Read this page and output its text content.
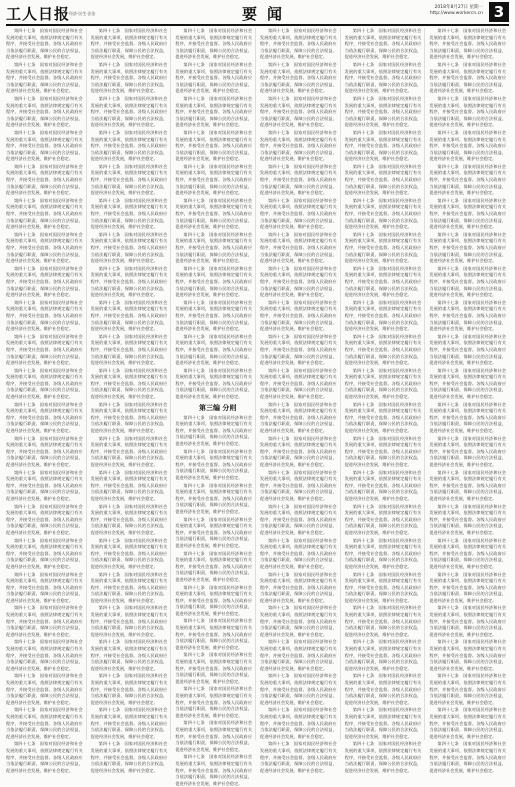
工人日报
经济·民生·法治	要闻	2018年8月27日 星期一
http://www.workercn.cn 3

第四十七条　国家对国民经济和社会发展的重大事项，依照法律规定履行有关程序，并接受社会监督。各级人民政府应当依法履行职责，保障公民的合法权益，促进经济社会发展，维护社会稳定。

第四十七条　国家对国民经济和社会发展的重大事项，依照法律规定履行有关程序，并接受社会监督。各级人民政府应当依法履行职责，保障公民的合法权益，促进经济社会发展，维护社会稳定。

第四十七条　国家对国民经济和社会发展的重大事项，依照法律规定履行有关程序，并接受社会监督。各级人民政府应当依法履行职责，保障公民的合法权益，促进经济社会发展，维护社会稳定。

第四十七条　国家对国民经济和社会发展的重大事项，依照法律规定履行有关程序，并接受社会监督。各级人民政府应当依法履行职责，保障公民的合法权益，促进经济社会发展，维护社会稳定。

第四十七条　国家对国民经济和社会发展的重大事项，依照法律规定履行有关程序，并接受社会监督。各级人民政府应当依法履行职责，保障公民的合法权益，促进经济社会发展，维护社会稳定。

第四十七条　国家对国民经济和社会发展的重大事项，依照法律规定履行有关程序，并接受社会监督。各级人民政府应当依法履行职责，保障公民的合法权益，促进经济社会发展，维护社会稳定。

第四十七条　国家对国民经济和社会发展的重大事项，依照法律规定履行有关程序，并接受社会监督。各级人民政府应当依法履行职责，保障公民的合法权益，促进经济社会发展，维护社会稳定。

第四十七条　国家对国民经济和社会发展的重大事项，依照法律规定履行有关程序，并接受社会监督。各级人民政府应当依法履行职责，保障公民的合法权益，促进经济社会发展，维护社会稳定。

第四十七条　国家对国民经济和社会发展的重大事项，依照法律规定履行有关程序，并接受社会监督。各级人民政府应当依法履行职责，保障公民的合法权益，促进经济社会发展，维护社会稳定。

第四十七条　国家对国民经济和社会发展的重大事项，依照法律规定履行有关程序，并接受社会监督。各级人民政府应当依法履行职责，保障公民的合法权益，促进经济社会发展，维护社会稳定。

第四十七条　国家对国民经济和社会发展的重大事项，依照法律规定履行有关程序，并接受社会监督。各级人民政府应当依法履行职责，保障公民的合法权益，促进经济社会发展，维护社会稳定。

第四十七条　国家对国民经济和社会发展的重大事项，依照法律规定履行有关程序，并接受社会监督。各级人民政府应当依法履行职责，保障公民的合法权益，促进经济社会发展，维护社会稳定。

第四十七条　国家对国民经济和社会发展的重大事项，依照法律规定履行有关程序，并接受社会监督。各级人民政府应当依法履行职责，保障公民的合法权益，促进经济社会发展，维护社会稳定。

第四十七条　国家对国民经济和社会发展的重大事项，依照法律规定履行有关程序，并接受社会监督。各级人民政府应当依法履行职责，保障公民的合法权益，促进经济社会发展，维护社会稳定。

第四十七条　国家对国民经济和社会发展的重大事项，依照法律规定履行有关程序，并接受社会监督。各级人民政府应当依法履行职责，保障公民的合法权益，促进经济社会发展，维护社会稳定。

第四十七条　国家对国民经济和社会发展的重大事项，依照法律规定履行有关程序，并接受社会监督。各级人民政府应当依法履行职责，保障公民的合法权益，促进经济社会发展，维护社会稳定。

第四十七条　国家对国民经济和社会发展的重大事项，依照法律规定履行有关程序，并接受社会监督。各级人民政府应当依法履行职责，保障公民的合法权益，促进经济社会发展，维护社会稳定。

第四十七条　国家对国民经济和社会发展的重大事项，依照法律规定履行有关程序，并接受社会监督。各级人民政府应当依法履行职责，保障公民的合法权益，促进经济社会发展，维护社会稳定。

第四十七条　国家对国民经济和社会发展的重大事项，依照法律规定履行有关程序，并接受社会监督。各级人民政府应当依法履行职责，保障公民的合法权益，促进经济社会发展，维护社会稳定。

第四十七条　国家对国民经济和社会发展的重大事项，依照法律规定履行有关程序，并接受社会监督。各级人民政府应当依法履行职责，保障公民的合法权益，促进经济社会发展，维护社会稳定。

第四十七条　国家对国民经济和社会发展的重大事项，依照法律规定履行有关程序，并接受社会监督。各级人民政府应当依法履行职责，保障公民的合法权益，促进经济社会发展，维护社会稳定。

第四十七条　国家对国民经济和社会发展的重大事项，依照法律规定履行有关程序，并接受社会监督。各级人民政府应当依法履行职责，保障公民的合法权益，促进经济社会发展，维护社会稳定。

第四十七条　国家对国民经济和社会发展的重大事项，依照法律规定履行有关程序，并接受社会监督。各级人民政府应当依法履行职责，保障公民的合法权益，促进经济社会发展，维护社会稳定。

第四十七条　国家对国民经济和社会发展的重大事项，依照法律规定履行有关程序，并接受社会监督。各级人民政府应当依法履行职责，保障公民的合法权益，促进经济社会发展，维护社会稳定。

第四十七条　国家对国民经济和社会发展的重大事项，依照法律规定履行有关程序，并接受社会监督。各级人民政府应当依法履行职责，保障公民的合法权益，促进经济社会发展，维护社会稳定。

第四十七条　国家对国民经济和社会发展的重大事项，依照法律规定履行有关程序，并接受社会监督。各级人民政府应当依法履行职责，保障公民的合法权益，促进经济社会发展，维护社会稳定。

第四十七条　国家对国民经济和社会发展的重大事项，依照法律规定履行有关程序，并接受社会监督。各级人民政府应当依法履行职责，保障公民的合法权益，促进经济社会发展，维护社会稳定。

第四十七条　国家对国民经济和社会发展的重大事项，依照法律规定履行有关程序，并接受社会监督。各级人民政府应当依法履行职责，保障公民的合法权益，促进经济社会发展，维护社会稳定。

第四十七条　国家对国民经济和社会发展的重大事项，依照法律规定履行有关程序，并接受社会监督。各级人民政府应当依法履行职责，保障公民的合法权益，促进经济社会发展，维护社会稳定。

第四十七条　国家对国民经济和社会发展的重大事项，依照法律规定履行有关程序，并接受社会监督。各级人民政府应当依法履行职责，保障公民的合法权益，促进经济社会发展，维护社会稳定。

第四十七条　国家对国民经济和社会发展的重大事项，依照法律规定履行有关程序，并接受社会监督。各级人民政府应当依法履行职责，保障公民的合法权益，促进经济社会发展，维护社会稳定。

第四十七条　国家对国民经济和社会发展的重大事项，依照法律规定履行有关程序，并接受社会监督。各级人民政府应当依法履行职责，保障公民的合法权益，促进经济社会发展，维护社会稳定。

第四十七条　国家对国民经济和社会发展的重大事项，依照法律规定履行有关程序，并接受社会监督。各级人民政府应当依法履行职责，保障公民的合法权益，促进经济社会发展，维护社会稳定。

第四十七条　国家对国民经济和社会发展的重大事项，依照法律规定履行有关程序，并接受社会监督。各级人民政府应当依法履行职责，保障公民的合法权益，促进经济社会发展，维护社会稳定。

第四十七条　国家对国民经济和社会发展的重大事项，依照法律规定履行有关程序，并接受社会监督。各级人民政府应当依法履行职责，保障公民的合法权益，促进经济社会发展，维护社会稳定。

第四十七条　国家对国民经济和社会发展的重大事项，依照法律规定履行有关程序，并接受社会监督。各级人民政府应当依法履行职责，保障公民的合法权益，促进经济社会发展，维护社会稳定。

第四十七条　国家对国民经济和社会发展的重大事项，依照法律规定履行有关程序，并接受社会监督。各级人民政府应当依法履行职责，保障公民的合法权益，促进经济社会发展，维护社会稳定。

第四十七条　国家对国民经济和社会发展的重大事项，依照法律规定履行有关程序，并接受社会监督。各级人民政府应当依法履行职责，保障公民的合法权益，促进经济社会发展，维护社会稳定。

第四十七条　国家对国民经济和社会发展的重大事项，依照法律规定履行有关程序，并接受社会监督。各级人民政府应当依法履行职责，保障公民的合法权益，促进经济社会发展，维护社会稳定。

第四十七条　国家对国民经济和社会发展的重大事项，依照法律规定履行有关程序，并接受社会监督。各级人民政府应当依法履行职责，保障公民的合法权益，促进经济社会发展，维护社会稳定。

第四十七条　国家对国民经济和社会发展的重大事项，依照法律规定履行有关程序，并接受社会监督。各级人民政府应当依法履行职责，保障公民的合法权益，促进经济社会发展，维护社会稳定。

第四十七条　国家对国民经济和社会发展的重大事项，依照法律规定履行有关程序，并接受社会监督。各级人民政府应当依法履行职责，保障公民的合法权益，促进经济社会发展，维护社会稳定。

第四十七条　国家对国民经济和社会发展的重大事项，依照法律规定履行有关程序，并接受社会监督。各级人民政府应当依法履行职责，保障公民的合法权益，促进经济社会发展，维护社会稳定。

第四十七条　国家对国民经济和社会发展的重大事项，依照法律规定履行有关程序，并接受社会监督。各级人民政府应当依法履行职责，保障公民的合法权益，促进经济社会发展，维护社会稳定。

第四十七条　国家对国民经济和社会发展的重大事项，依照法律规定履行有关程序，并接受社会监督。各级人民政府应当依法履行职责，保障公民的合法权益，促进经济社会发展，维护社会稳定。

第四十七条　国家对国民经济和社会发展的重大事项，依照法律规定履行有关程序，并接受社会监督。各级人民政府应当依法履行职责，保障公民的合法权益，促进经济社会发展，维护社会稳定。

第四十七条　国家对国民经济和社会发展的重大事项，依照法律规定履行有关程序，并接受社会监督。各级人民政府应当依法履行职责，保障公民的合法权益，促进经济社会发展，维护社会稳定。

第四十七条　国家对国民经济和社会发展的重大事项，依照法律规定履行有关程序，并接受社会监督。各级人民政府应当依法履行职责，保障公民的合法权益，促进经济社会发展，维护社会稳定。

第四十七条　国家对国民经济和社会发展的重大事项，依照法律规定履行有关程序，并接受社会监督。各级人民政府应当依法履行职责，保障公民的合法权益，促进经济社会发展，维护社会稳定。

第四十七条　国家对国民经济和社会发展的重大事项，依照法律规定履行有关程序，并接受社会监督。各级人民政府应当依法履行职责，保障公民的合法权益，促进经济社会发展，维护社会稳定。

第四十七条　国家对国民经济和社会发展的重大事项，依照法律规定履行有关程序，并接受社会监督。各级人民政府应当依法履行职责，保障公民的合法权益，促进经济社会发展，维护社会稳定。

第四十七条　国家对国民经济和社会发展的重大事项，依照法律规定履行有关程序，并接受社会监督。各级人民政府应当依法履行职责，保障公民的合法权益，促进经济社会发展，维护社会稳定。

第四十七条　国家对国民经济和社会发展的重大事项，依照法律规定履行有关程序，并接受社会监督。各级人民政府应当依法履行职责，保障公民的合法权益，促进经济社会发展，维护社会稳定。

第四十七条　国家对国民经济和社会发展的重大事项，依照法律规定履行有关程序，并接受社会监督。各级人民政府应当依法履行职责，保障公民的合法权益，促进经济社会发展，维护社会稳定。

第四十七条　国家对国民经济和社会发展的重大事项，依照法律规定履行有关程序，并接受社会监督。各级人民政府应当依法履行职责，保障公民的合法权益，促进经济社会发展，维护社会稳定。

第三编 分则

第四十七条　国家对国民经济和社会发展的重大事项，依照法律规定履行有关程序，并接受社会监督。各级人民政府应当依法履行职责，保障公民的合法权益，促进经济社会发展，维护社会稳定。

第四十七条　国家对国民经济和社会发展的重大事项，依照法律规定履行有关程序，并接受社会监督。各级人民政府应当依法履行职责，保障公民的合法权益，促进经济社会发展，维护社会稳定。

第四十七条　国家对国民经济和社会发展的重大事项，依照法律规定履行有关程序，并接受社会监督。各级人民政府应当依法履行职责，保障公民的合法权益，促进经济社会发展，维护社会稳定。

第四十七条　国家对国民经济和社会发展的重大事项，依照法律规定履行有关程序，并接受社会监督。各级人民政府应当依法履行职责，保障公民的合法权益，促进经济社会发展，维护社会稳定。

第四十七条　国家对国民经济和社会发展的重大事项，依照法律规定履行有关程序，并接受社会监督。各级人民政府应当依法履行职责，保障公民的合法权益，促进经济社会发展，维护社会稳定。

第四十七条　国家对国民经济和社会发展的重大事项，依照法律规定履行有关程序，并接受社会监督。各级人民政府应当依法履行职责，保障公民的合法权益，促进经济社会发展，维护社会稳定。

第四十七条　国家对国民经济和社会发展的重大事项，依照法律规定履行有关程序，并接受社会监督。各级人民政府应当依法履行职责，保障公民的合法权益，促进经济社会发展，维护社会稳定。

第四十七条　国家对国民经济和社会发展的重大事项，依照法律规定履行有关程序，并接受社会监督。各级人民政府应当依法履行职责，保障公民的合法权益，促进经济社会发展，维护社会稳定。

第四十七条　国家对国民经济和社会发展的重大事项，依照法律规定履行有关程序，并接受社会监督。各级人民政府应当依法履行职责，保障公民的合法权益，促进经济社会发展，维护社会稳定。

第四十七条　国家对国民经济和社会发展的重大事项，依照法律规定履行有关程序，并接受社会监督。各级人民政府应当依法履行职责，保障公民的合法权益，促进经济社会发展，维护社会稳定。

第四十七条　国家对国民经济和社会发展的重大事项，依照法律规定履行有关程序，并接受社会监督。各级人民政府应当依法履行职责，保障公民的合法权益，促进经济社会发展，维护社会稳定。

第四十七条　国家对国民经济和社会发展的重大事项，依照法律规定履行有关程序，并接受社会监督。各级人民政府应当依法履行职责，保障公民的合法权益，促进经济社会发展，维护社会稳定。

第四十七条　国家对国民经济和社会发展的重大事项，依照法律规定履行有关程序，并接受社会监督。各级人民政府应当依法履行职责，保障公民的合法权益，促进经济社会发展，维护社会稳定。

第四十七条　国家对国民经济和社会发展的重大事项，依照法律规定履行有关程序，并接受社会监督。各级人民政府应当依法履行职责，保障公民的合法权益，促进经济社会发展，维护社会稳定。

第四十七条　国家对国民经济和社会发展的重大事项，依照法律规定履行有关程序，并接受社会监督。各级人民政府应当依法履行职责，保障公民的合法权益，促进经济社会发展，维护社会稳定。

第四十七条　国家对国民经济和社会发展的重大事项，依照法律规定履行有关程序，并接受社会监督。各级人民政府应当依法履行职责，保障公民的合法权益，促进经济社会发展，维护社会稳定。

第四十七条　国家对国民经济和社会发展的重大事项，依照法律规定履行有关程序，并接受社会监督。各级人民政府应当依法履行职责，保障公民的合法权益，促进经济社会发展，维护社会稳定。

第四十七条　国家对国民经济和社会发展的重大事项，依照法律规定履行有关程序，并接受社会监督。各级人民政府应当依法履行职责，保障公民的合法权益，促进经济社会发展，维护社会稳定。

第四十七条　国家对国民经济和社会发展的重大事项，依照法律规定履行有关程序，并接受社会监督。各级人民政府应当依法履行职责，保障公民的合法权益，促进经济社会发展，维护社会稳定。

第四十七条　国家对国民经济和社会发展的重大事项，依照法律规定履行有关程序，并接受社会监督。各级人民政府应当依法履行职责，保障公民的合法权益，促进经济社会发展，维护社会稳定。

第四十七条　国家对国民经济和社会发展的重大事项，依照法律规定履行有关程序，并接受社会监督。各级人民政府应当依法履行职责，保障公民的合法权益，促进经济社会发展，维护社会稳定。

第四十七条　国家对国民经济和社会发展的重大事项，依照法律规定履行有关程序，并接受社会监督。各级人民政府应当依法履行职责，保障公民的合法权益，促进经济社会发展，维护社会稳定。

第四十七条　国家对国民经济和社会发展的重大事项，依照法律规定履行有关程序，并接受社会监督。各级人民政府应当依法履行职责，保障公民的合法权益，促进经济社会发展，维护社会稳定。

第四十七条　国家对国民经济和社会发展的重大事项，依照法律规定履行有关程序，并接受社会监督。各级人民政府应当依法履行职责，保障公民的合法权益，促进经济社会发展，维护社会稳定。

第四十七条　国家对国民经济和社会发展的重大事项，依照法律规定履行有关程序，并接受社会监督。各级人民政府应当依法履行职责，保障公民的合法权益，促进经济社会发展，维护社会稳定。

第四十七条　国家对国民经济和社会发展的重大事项，依照法律规定履行有关程序，并接受社会监督。各级人民政府应当依法履行职责，保障公民的合法权益，促进经济社会发展，维护社会稳定。

第四十七条　国家对国民经济和社会发展的重大事项，依照法律规定履行有关程序，并接受社会监督。各级人民政府应当依法履行职责，保障公民的合法权益，促进经济社会发展，维护社会稳定。

第四十七条　国家对国民经济和社会发展的重大事项，依照法律规定履行有关程序，并接受社会监督。各级人民政府应当依法履行职责，保障公民的合法权益，促进经济社会发展，维护社会稳定。

第四十七条　国家对国民经济和社会发展的重大事项，依照法律规定履行有关程序，并接受社会监督。各级人民政府应当依法履行职责，保障公民的合法权益，促进经济社会发展，维护社会稳定。

第四十七条　国家对国民经济和社会发展的重大事项，依照法律规定履行有关程序，并接受社会监督。各级人民政府应当依法履行职责，保障公民的合法权益，促进经济社会发展，维护社会稳定。

第四十七条　国家对国民经济和社会发展的重大事项，依照法律规定履行有关程序，并接受社会监督。各级人民政府应当依法履行职责，保障公民的合法权益，促进经济社会发展，维护社会稳定。

第四十七条　国家对国民经济和社会发展的重大事项，依照法律规定履行有关程序，并接受社会监督。各级人民政府应当依法履行职责，保障公民的合法权益，促进经济社会发展，维护社会稳定。

第四十七条　国家对国民经济和社会发展的重大事项，依照法律规定履行有关程序，并接受社会监督。各级人民政府应当依法履行职责，保障公民的合法权益，促进经济社会发展，维护社会稳定。

第四十七条　国家对国民经济和社会发展的重大事项，依照法律规定履行有关程序，并接受社会监督。各级人民政府应当依法履行职责，保障公民的合法权益，促进经济社会发展，维护社会稳定。

第四十七条　国家对国民经济和社会发展的重大事项，依照法律规定履行有关程序，并接受社会监督。各级人民政府应当依法履行职责，保障公民的合法权益，促进经济社会发展，维护社会稳定。

第四十七条　国家对国民经济和社会发展的重大事项，依照法律规定履行有关程序，并接受社会监督。各级人民政府应当依法履行职责，保障公民的合法权益，促进经济社会发展，维护社会稳定。

第四十七条　国家对国民经济和社会发展的重大事项，依照法律规定履行有关程序，并接受社会监督。各级人民政府应当依法履行职责，保障公民的合法权益，促进经济社会发展，维护社会稳定。

第四十七条　国家对国民经济和社会发展的重大事项，依照法律规定履行有关程序，并接受社会监督。各级人民政府应当依法履行职责，保障公民的合法权益，促进经济社会发展，维护社会稳定。

第四十七条　国家对国民经济和社会发展的重大事项，依照法律规定履行有关程序，并接受社会监督。各级人民政府应当依法履行职责，保障公民的合法权益，促进经济社会发展，维护社会稳定。

第四十七条　国家对国民经济和社会发展的重大事项，依照法律规定履行有关程序，并接受社会监督。各级人民政府应当依法履行职责，保障公民的合法权益，促进经济社会发展，维护社会稳定。

第四十七条　国家对国民经济和社会发展的重大事项，依照法律规定履行有关程序，并接受社会监督。各级人民政府应当依法履行职责，保障公民的合法权益，促进经济社会发展，维护社会稳定。

第四十七条　国家对国民经济和社会发展的重大事项，依照法律规定履行有关程序，并接受社会监督。各级人民政府应当依法履行职责，保障公民的合法权益，促进经济社会发展，维护社会稳定。

第四十七条　国家对国民经济和社会发展的重大事项，依照法律规定履行有关程序，并接受社会监督。各级人民政府应当依法履行职责，保障公民的合法权益，促进经济社会发展，维护社会稳定。

第四十七条　国家对国民经济和社会发展的重大事项，依照法律规定履行有关程序，并接受社会监督。各级人民政府应当依法履行职责，保障公民的合法权益，促进经济社会发展，维护社会稳定。

第四十七条　国家对国民经济和社会发展的重大事项，依照法律规定履行有关程序，并接受社会监督。各级人民政府应当依法履行职责，保障公民的合法权益，促进经济社会发展，维护社会稳定。

第四十七条　国家对国民经济和社会发展的重大事项，依照法律规定履行有关程序，并接受社会监督。各级人民政府应当依法履行职责，保障公民的合法权益，促进经济社会发展，维护社会稳定。

第四十七条　国家对国民经济和社会发展的重大事项，依照法律规定履行有关程序，并接受社会监督。各级人民政府应当依法履行职责，保障公民的合法权益，促进经济社会发展，维护社会稳定。

第四十七条　国家对国民经济和社会发展的重大事项，依照法律规定履行有关程序，并接受社会监督。各级人民政府应当依法履行职责，保障公民的合法权益，促进经济社会发展，维护社会稳定。

第四十七条　国家对国民经济和社会发展的重大事项，依照法律规定履行有关程序，并接受社会监督。各级人民政府应当依法履行职责，保障公民的合法权益，促进经济社会发展，维护社会稳定。

第四十七条　国家对国民经济和社会发展的重大事项，依照法律规定履行有关程序，并接受社会监督。各级人民政府应当依法履行职责，保障公民的合法权益，促进经济社会发展，维护社会稳定。

第四十七条　国家对国民经济和社会发展的重大事项，依照法律规定履行有关程序，并接受社会监督。各级人民政府应当依法履行职责，保障公民的合法权益，促进经济社会发展，维护社会稳定。

第四十七条　国家对国民经济和社会发展的重大事项，依照法律规定履行有关程序，并接受社会监督。各级人民政府应当依法履行职责，保障公民的合法权益，促进经济社会发展，维护社会稳定。

第四十七条　国家对国民经济和社会发展的重大事项，依照法律规定履行有关程序，并接受社会监督。各级人民政府应当依法履行职责，保障公民的合法权益，促进经济社会发展，维护社会稳定。

第四十七条　国家对国民经济和社会发展的重大事项，依照法律规定履行有关程序，并接受社会监督。各级人民政府应当依法履行职责，保障公民的合法权益，促进经济社会发展，维护社会稳定。

第四十七条　国家对国民经济和社会发展的重大事项，依照法律规定履行有关程序，并接受社会监督。各级人民政府应当依法履行职责，保障公民的合法权益，促进经济社会发展，维护社会稳定。

第四十七条　国家对国民经济和社会发展的重大事项，依照法律规定履行有关程序，并接受社会监督。各级人民政府应当依法履行职责，保障公民的合法权益，促进经济社会发展，维护社会稳定。

第四十七条　国家对国民经济和社会发展的重大事项，依照法律规定履行有关程序，并接受社会监督。各级人民政府应当依法履行职责，保障公民的合法权益，促进经济社会发展，维护社会稳定。

第四十七条　国家对国民经济和社会发展的重大事项，依照法律规定履行有关程序，并接受社会监督。各级人民政府应当依法履行职责，保障公民的合法权益，促进经济社会发展，维护社会稳定。

第四十七条　国家对国民经济和社会发展的重大事项，依照法律规定履行有关程序，并接受社会监督。各级人民政府应当依法履行职责，保障公民的合法权益，促进经济社会发展，维护社会稳定。

第四十七条　国家对国民经济和社会发展的重大事项，依照法律规定履行有关程序，并接受社会监督。各级人民政府应当依法履行职责，保障公民的合法权益，促进经济社会发展，维护社会稳定。

第四十七条　国家对国民经济和社会发展的重大事项，依照法律规定履行有关程序，并接受社会监督。各级人民政府应当依法履行职责，保障公民的合法权益，促进经济社会发展，维护社会稳定。

第四十七条　国家对国民经济和社会发展的重大事项，依照法律规定履行有关程序，并接受社会监督。各级人民政府应当依法履行职责，保障公民的合法权益，促进经济社会发展，维护社会稳定。

第四十七条　国家对国民经济和社会发展的重大事项，依照法律规定履行有关程序，并接受社会监督。各级人民政府应当依法履行职责，保障公民的合法权益，促进经济社会发展，维护社会稳定。

第四十七条　国家对国民经济和社会发展的重大事项，依照法律规定履行有关程序，并接受社会监督。各级人民政府应当依法履行职责，保障公民的合法权益，促进经济社会发展，维护社会稳定。

第四十七条　国家对国民经济和社会发展的重大事项，依照法律规定履行有关程序，并接受社会监督。各级人民政府应当依法履行职责，保障公民的合法权益，促进经济社会发展，维护社会稳定。

第四十七条　国家对国民经济和社会发展的重大事项，依照法律规定履行有关程序，并接受社会监督。各级人民政府应当依法履行职责，保障公民的合法权益，促进经济社会发展，维护社会稳定。

第四十七条　国家对国民经济和社会发展的重大事项，依照法律规定履行有关程序，并接受社会监督。各级人民政府应当依法履行职责，保障公民的合法权益，促进经济社会发展，维护社会稳定。

第四十七条　国家对国民经济和社会发展的重大事项，依照法律规定履行有关程序，并接受社会监督。各级人民政府应当依法履行职责，保障公民的合法权益，促进经济社会发展，维护社会稳定。

第四十七条　国家对国民经济和社会发展的重大事项，依照法律规定履行有关程序，并接受社会监督。各级人民政府应当依法履行职责，保障公民的合法权益，促进经济社会发展，维护社会稳定。

第四十七条　国家对国民经济和社会发展的重大事项，依照法律规定履行有关程序，并接受社会监督。各级人民政府应当依法履行职责，保障公民的合法权益，促进经济社会发展，维护社会稳定。

第四十七条　国家对国民经济和社会发展的重大事项，依照法律规定履行有关程序，并接受社会监督。各级人民政府应当依法履行职责，保障公民的合法权益，促进经济社会发展，维护社会稳定。

第四十七条　国家对国民经济和社会发展的重大事项，依照法律规定履行有关程序，并接受社会监督。各级人民政府应当依法履行职责，保障公民的合法权益，促进经济社会发展，维护社会稳定。

第四十七条　国家对国民经济和社会发展的重大事项，依照法律规定履行有关程序，并接受社会监督。各级人民政府应当依法履行职责，保障公民的合法权益，促进经济社会发展，维护社会稳定。

第四十七条　国家对国民经济和社会发展的重大事项，依照法律规定履行有关程序，并接受社会监督。各级人民政府应当依法履行职责，保障公民的合法权益，促进经济社会发展，维护社会稳定。

第四十七条　国家对国民经济和社会发展的重大事项，依照法律规定履行有关程序，并接受社会监督。各级人民政府应当依法履行职责，保障公民的合法权益，促进经济社会发展，维护社会稳定。

第四十七条　国家对国民经济和社会发展的重大事项，依照法律规定履行有关程序，并接受社会监督。各级人民政府应当依法履行职责，保障公民的合法权益，促进经济社会发展，维护社会稳定。

第四十七条　国家对国民经济和社会发展的重大事项，依照法律规定履行有关程序，并接受社会监督。各级人民政府应当依法履行职责，保障公民的合法权益，促进经济社会发展，维护社会稳定。
